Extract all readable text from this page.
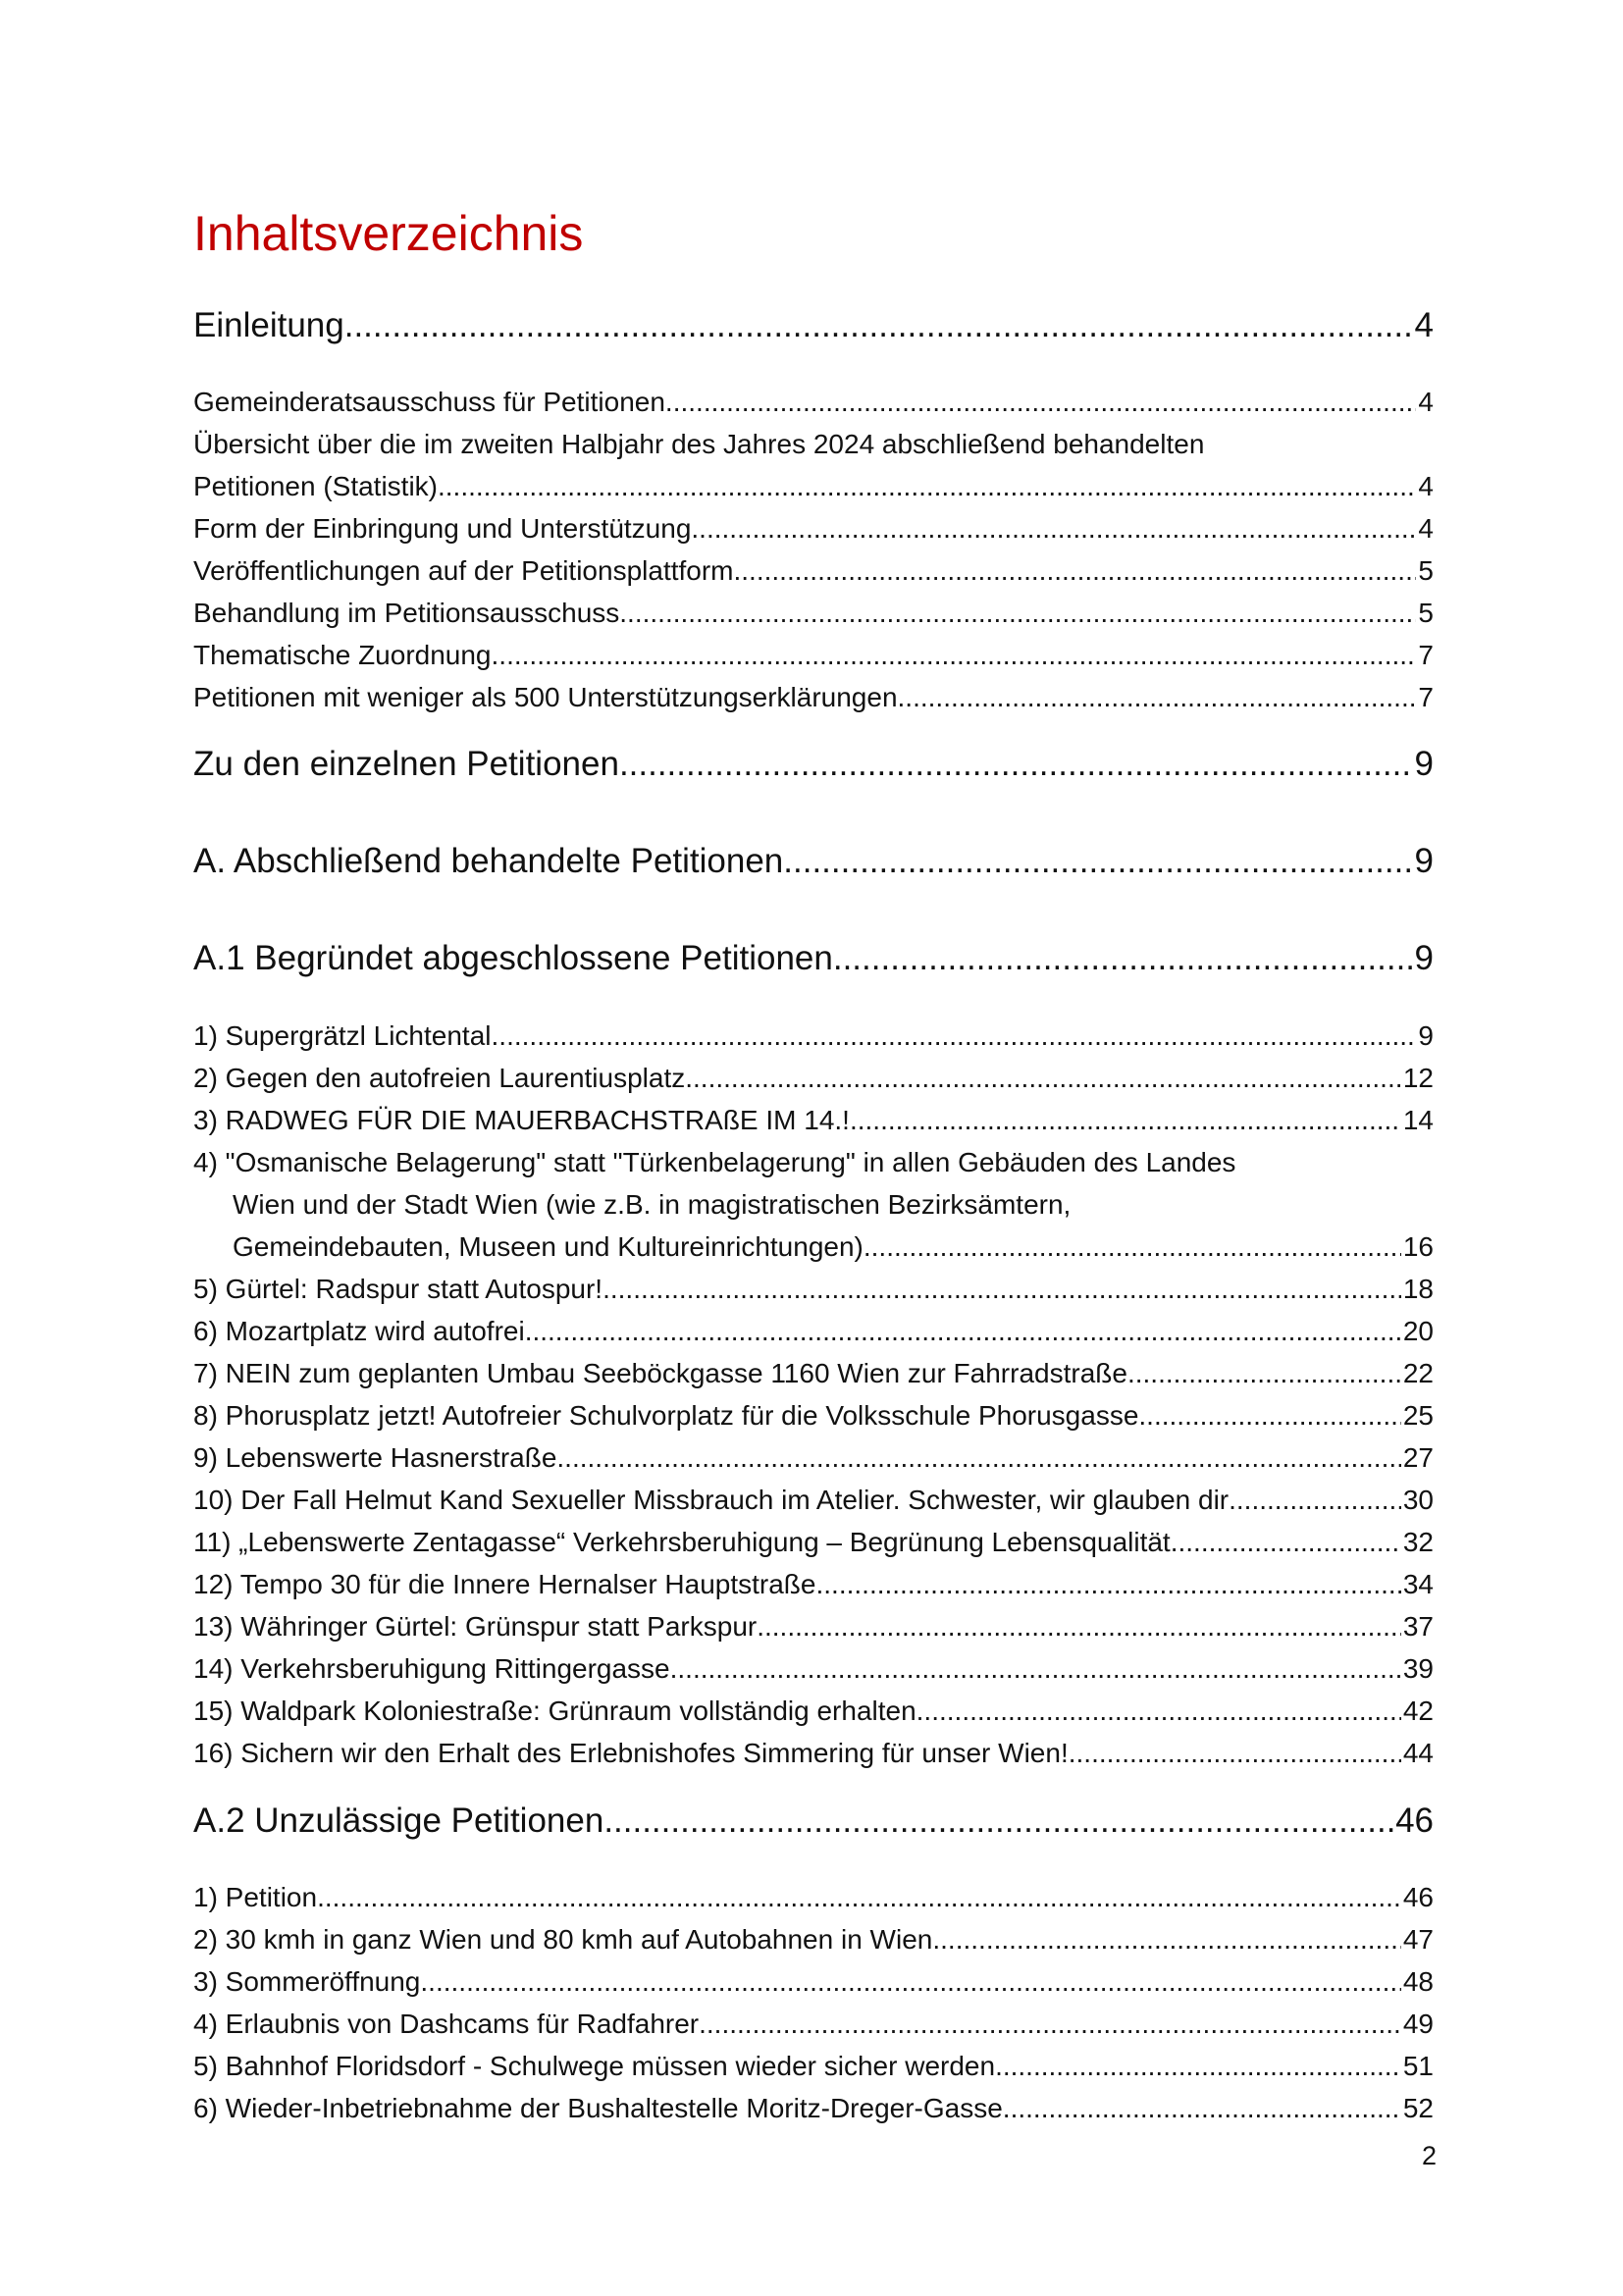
Inhaltsverzeichnis
Einleitung .....	4
Gemeinderatsausschuss für Petitionen .....	4
Übersicht über die im zweiten Halbjahr des Jahres 2024 abschließend behandelten
Petitionen (Statistik) .....	4
Form der Einbringung und Unterstützung .....	4
Veröffentlichungen auf der Petitionsplattform .....	5
Behandlung im Petitionsausschuss .....	5
Thematische Zuordnung .....	7
Petitionen mit weniger als 500 Unterstützungserklärungen .....	7
Zu den einzelnen Petitionen .....	9
A. Abschließend behandelte Petitionen .....	9
A.1 Begründet abgeschlossene Petitionen .....	9
1) Supergrätzl Lichtental .....	9
2) Gegen den autofreien Laurentiusplatz .....	12
3) RADWEG FÜR DIE MAUERBACHSTRAßE IM 14.! .....	14
4) "Osmanische Belagerung" statt "Türkenbelagerung" in allen Gebäuden des Landes
Wien und der Stadt Wien (wie z.B. in magistratischen Bezirksämtern,
Gemeindebauten, Museen und Kultureinrichtungen) .....	16
5) Gürtel: Radspur statt Autospur! .....	18
6) Mozartplatz wird autofrei .....	20
7) NEIN zum geplanten Umbau Seeböckgasse 1160 Wien zur Fahrradstraße .....	22
8) Phorusplatz jetzt! Autofreier Schulvorplatz für die Volksschule Phorusgasse .....	25
9) Lebenswerte Hasnerstraße .....	27
10) Der Fall Helmut Kand Sexueller Missbrauch im Atelier. Schwester, wir glauben dir .....	30
11) „Lebenswerte Zentagasse“ Verkehrsberuhigung – Begrünung Lebensqualität .....	32
12) Tempo 30 für die Innere Hernalser Hauptstraße .....	34
13) Währinger Gürtel: Grünspur statt Parkspur .....	37
14) Verkehrsberuhigung Rittingergasse .....	39
15) Waldpark Koloniestraße: Grünraum vollständig erhalten .....	42
16) Sichern wir den Erhalt des Erlebnishofes Simmering für unser Wien! .....	44
A.2 Unzulässige Petitionen .....	46
1) Petition .....	46
2) 30 kmh in ganz Wien und 80 kmh auf Autobahnen in Wien .....	47
3) Sommeröffnung .....	48
4) Erlaubnis von Dashcams für Radfahrer .....	49
5) Bahnhof Floridsdorf - Schulwege müssen wieder sicher werden .....	51
6) Wieder-Inbetriebnahme der Bushaltestelle Moritz-Dreger-Gasse .....	52
2
